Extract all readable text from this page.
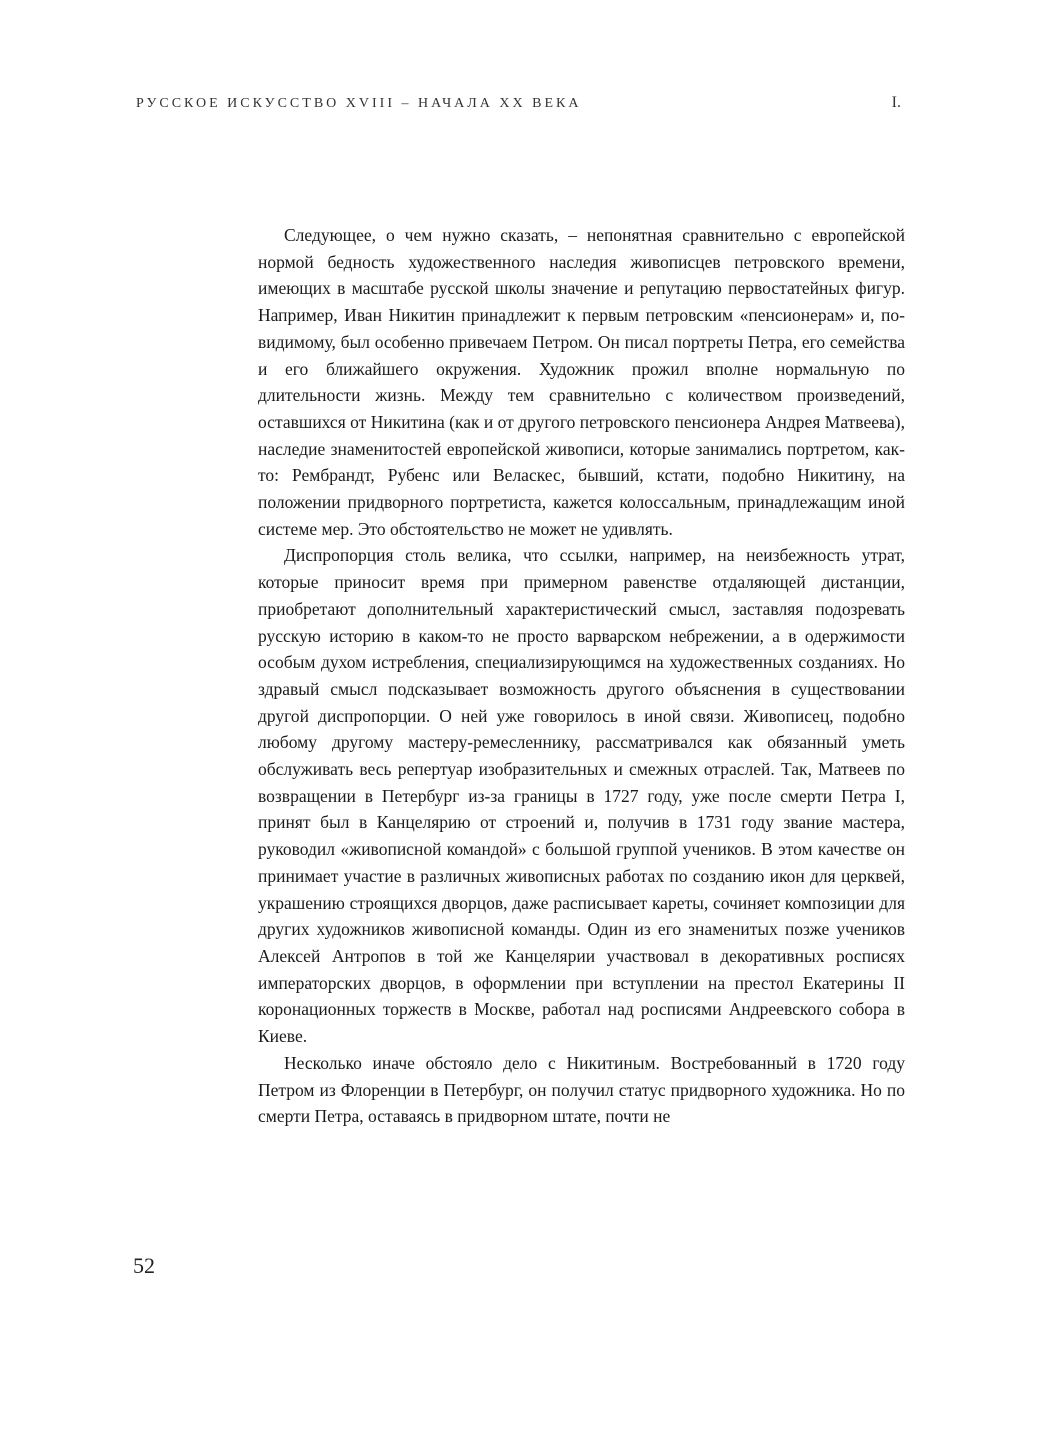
РУССКОЕ ИСКУССТВО XVIII – НАЧАЛА XX ВЕКА	I.

Следующее, о чем нужно сказать, – непонятная сравнительно с европейской нормой бедность художественного наследия живописцев петровского времени, имеющих в масштабе русской школы значение и репутацию первостатейных фигур. Например, Иван Никитин принадлежит к первым петровским «пенсионерам» и, по-видимому, был особенно привечаем Петром. Он писал портреты Петра, его семейства и его ближайшего окружения. Художник прожил вполне нормальную по длительности жизнь. Между тем сравнительно с количеством произведений, оставшихся от Никитина (как и от другого петровского пенсионера Андрея Матвеева), наследие знаменитостей европейской живописи, которые занимались портретом, как-то: Рембрандт, Рубенс или Веласкес, бывший, кстати, подобно Никитину, на положении придворного портретиста, кажется колоссальным, принадлежащим иной системе мер. Это обстоятельство не может не удивлять.

Диспропорция столь велика, что ссылки, например, на неизбежность утрат, которые приносит время при примерном равенстве отдаляющей дистанции, приобретают дополнительный характеристический смысл, заставляя подозревать русскую историю в каком-то не просто варварском небрежении, а в одержимости особым духом истребления, специализирующимся на художественных созданиях. Но здравый смысл подсказывает возможность другого объяснения в существовании другой диспропорции. О ней уже говорилось в иной связи. Живописец, подобно любому другому мастеру-ремесленнику, рассматривался как обязанный уметь обслуживать весь репертуар изобразительных и смежных отраслей. Так, Матвеев по возвращении в Петербург из-за границы в 1727 году, уже после смерти Петра I, принят был в Канцелярию от строений и, получив в 1731 году звание мастера, руководил «живописной командой» с большой группой учеников. В этом качестве он принимает участие в различных живописных работах по созданию икон для церквей, украшению строящихся дворцов, даже расписывает кареты, сочиняет композиции для других художников живописной команды. Один из его знаменитых позже учеников Алексей Антропов в той же Канцелярии участвовал в декоративных росписях императорских дворцов, в оформлении при вступлении на престол Екатерины II коронационных торжеств в Москве, работал над росписями Андреевского собора в Киеве.

Несколько иначе обстояло дело с Никитиным. Востребованный в 1720 году Петром из Флоренции в Петербург, он получил статус придворного художника. Но по смерти Петра, оставаясь в придворном штате, почти не

52
